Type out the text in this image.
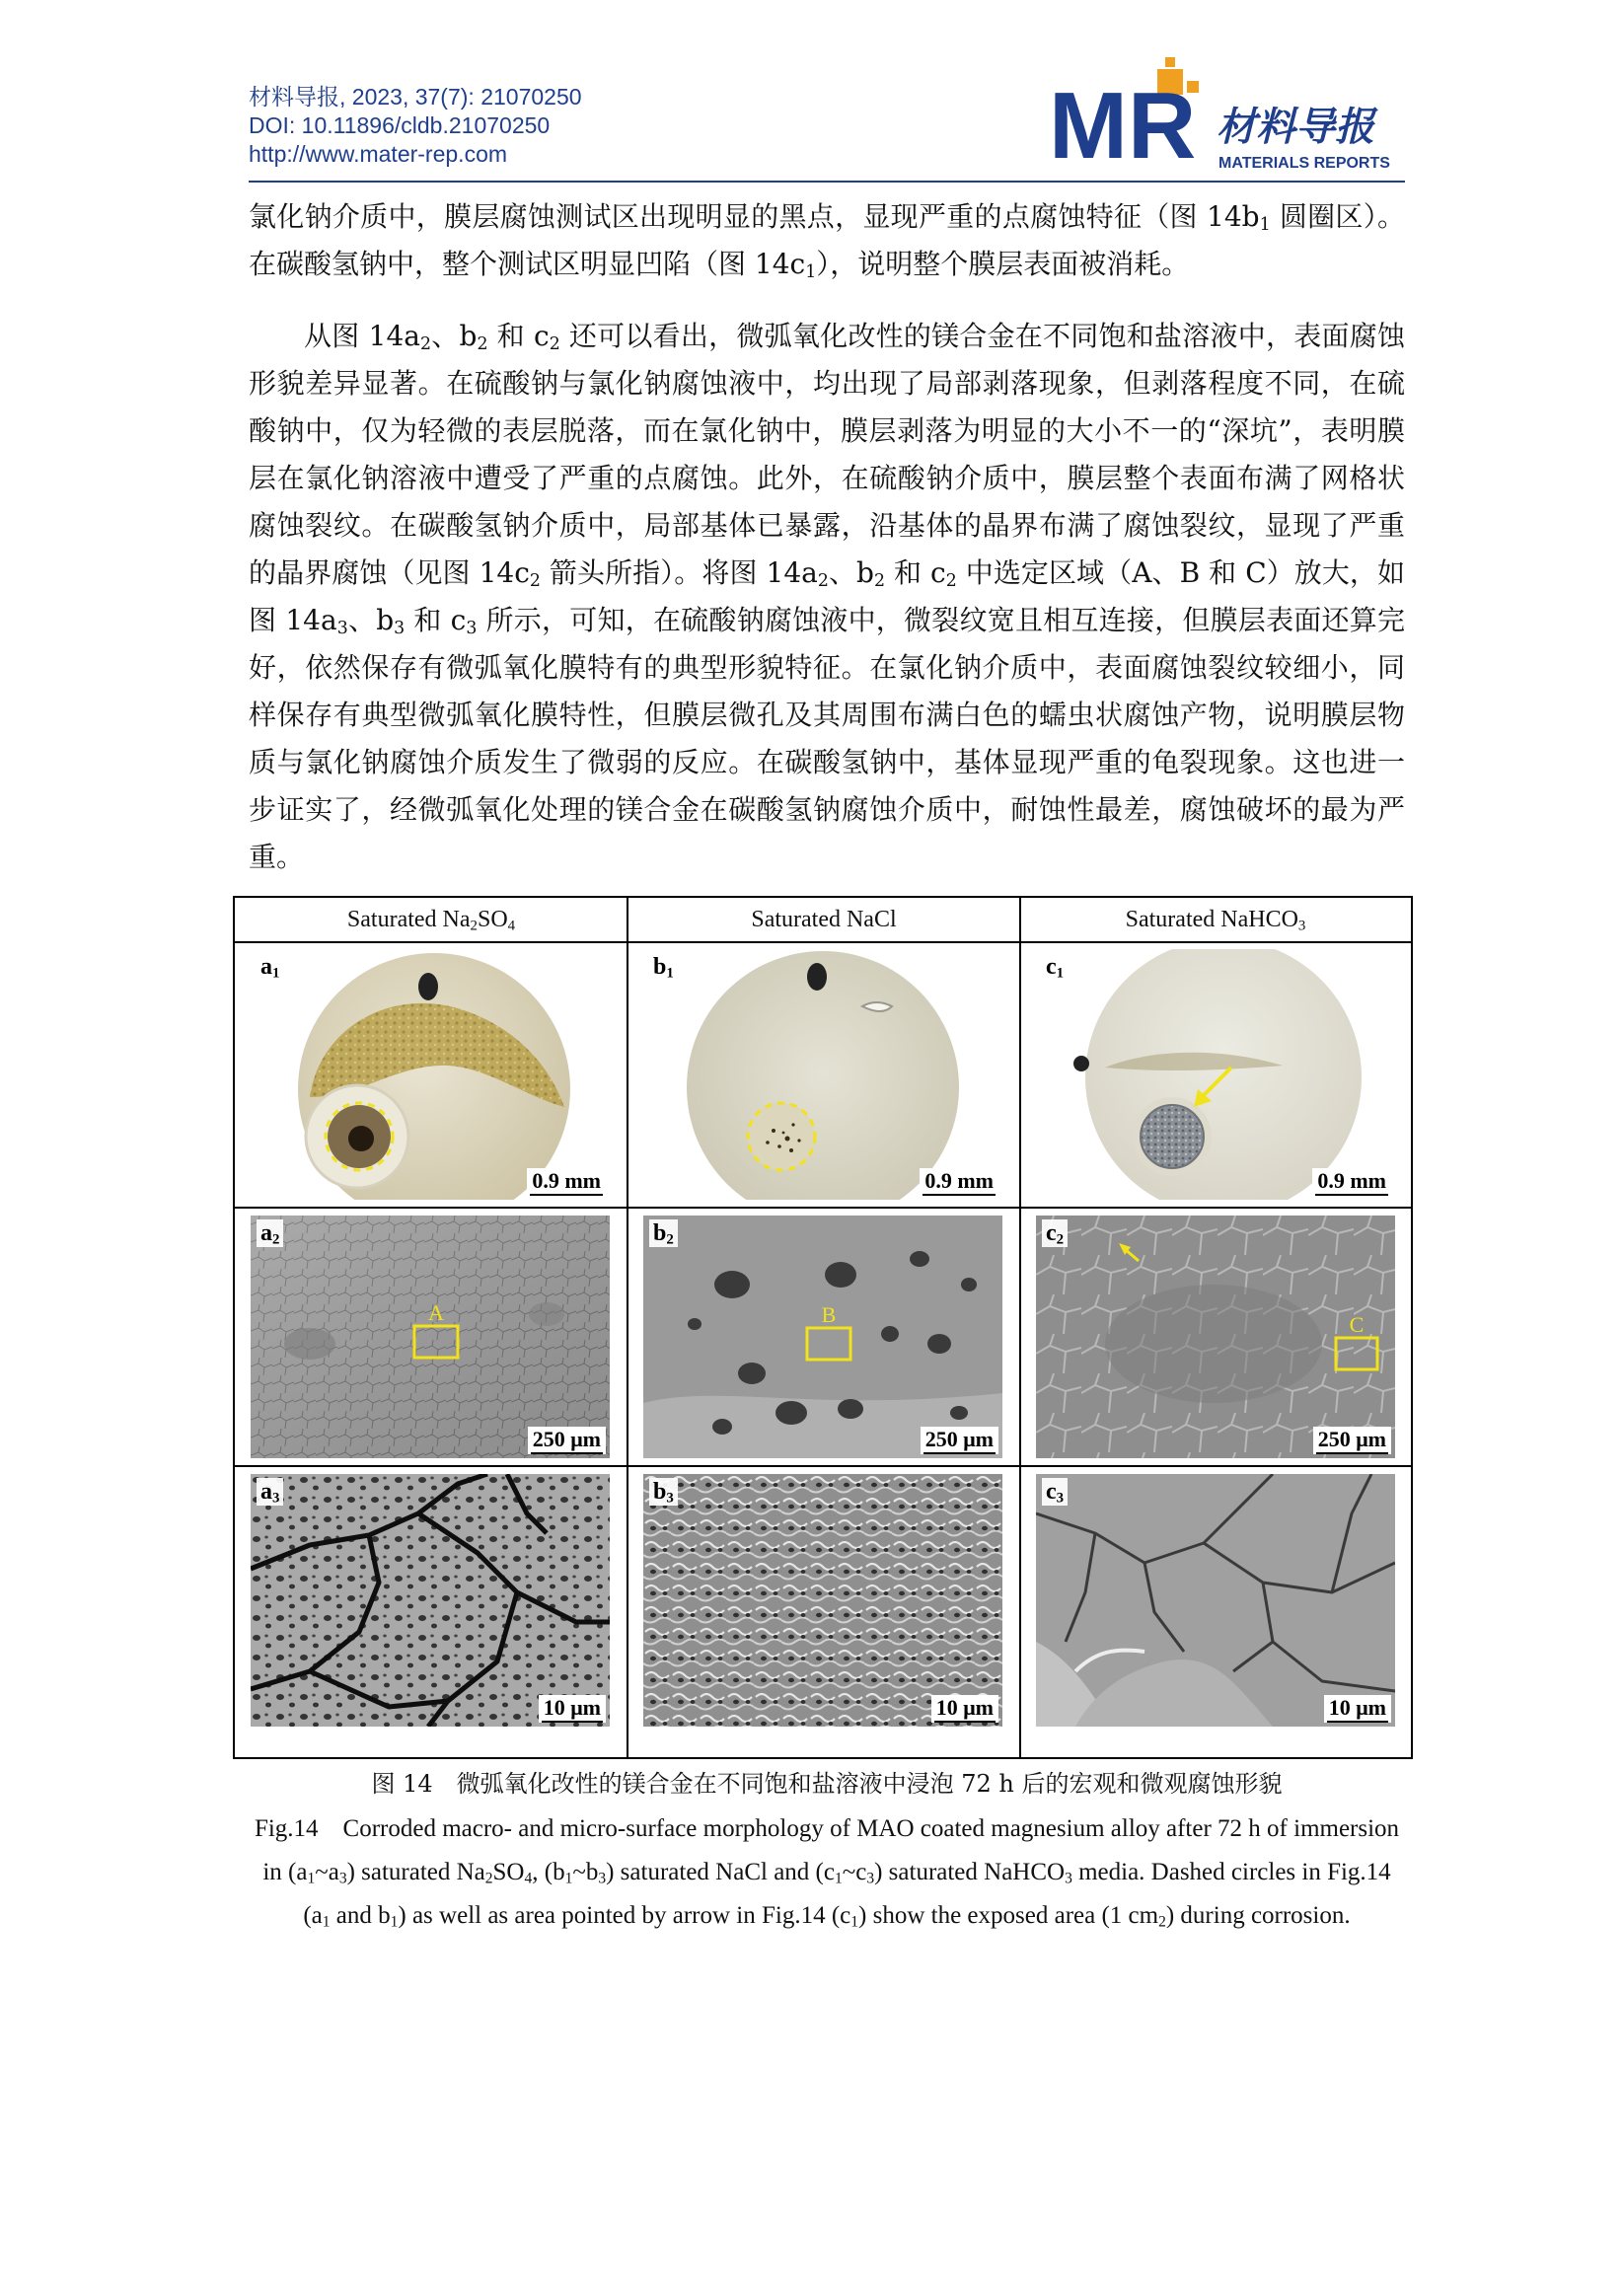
材料导报, 2023, 37(7): 21070250
DOI: 10.11896/cldb.21070250
http://www.mater-rep.com	M R 材料导报
MATERIALS REPORTS

氯化钠介质中，膜层腐蚀测试区出现明显的黑点，显现严重的点腐蚀特征（图 $14b_1$ 圆圈区）。在碳酸氢钠中，整个测试区明显凹陷（图 $14c_1$），说明整个膜层表面被消耗。

从图 $14a_2$、$b_2$ 和 $c_2$ 还可以看出，微弧氧化改性的镁合金在不同饱和盐溶液中，表面腐蚀形貌差异显著。在硫酸钠与氯化钠腐蚀液中，均出现了局部剥落现象，但剥落程度不同，在硫酸钠中，仅为轻微的表层脱落，而在氯化钠中，膜层剥落为明显的大小不一的“深坑”，表明膜层在氯化钠溶液中遭受了严重的点腐蚀。此外，在硫酸钠介质中，膜层整个表面布满了网格状腐蚀裂纹。在碳酸氢钠介质中，局部基体已暴露，沿基体的晶界布满了腐蚀裂纹，显现了严重的晶界腐蚀（见图 $14c_2$ 箭头所指）。将图 $14a_2$、$b_2$ 和 $c_2$ 中选定区域（A、B 和 C）放大，如图 $14a_3$、$b_3$ 和 $c_3$ 所示，可知，在硫酸钠腐蚀液中，微裂纹宽且相互连接，但膜层表面还算完好，依然保存有微弧氧化膜特有的典型形貌特征。在氯化钠介质中，表面腐蚀裂纹较细小，同样保存有典型微弧氧化膜特性，但膜层微孔及其周围布满白色的蠕虫状腐蚀产物，说明膜层物质与氯化钠腐蚀介质发生了微弱的反应。在碳酸氢钠中，基体显现严重的龟裂现象。这也进一步证实了，经微弧氧化处理的镁合金在碳酸氢钠腐蚀介质中，耐蚀性最差，腐蚀破坏的最为严重。

Saturated $Na_2SO_4$	Saturated NaCl	Saturated NaHCO$_3$
$a_1$
0.9 mm
$b_1$
0.9 mm
$c_1$
0.9 mm
A
$a_2$
250 μm
B
$b_2$
250 μm
C
$c_2$
250 μm
$a_3$
10 μm
$b_3$
10 μm
$c_3$
10 μm
图 14　微弧氧化改性的镁合金在不同饱和盐溶液中浸泡 72 h 后的宏观和微观腐蚀形貌
Fig.14　Corroded macro- and micro-surface morphology of MAO coated magnesium alloy after 72 h of immersion in $(a_1\sim a_3)$ saturated $Na_2SO_4$, $(b_1\sim b_3)$ saturated NaCl and $(c_1\sim c_3)$ saturated NaHCO$_3$ media. Dashed circles in Fig.14 ($a_1$ and $b_1$) as well as area pointed by arrow in Fig.14 $(c_1)$ show the exposed area (1 $cm_2$) during corrosion.
